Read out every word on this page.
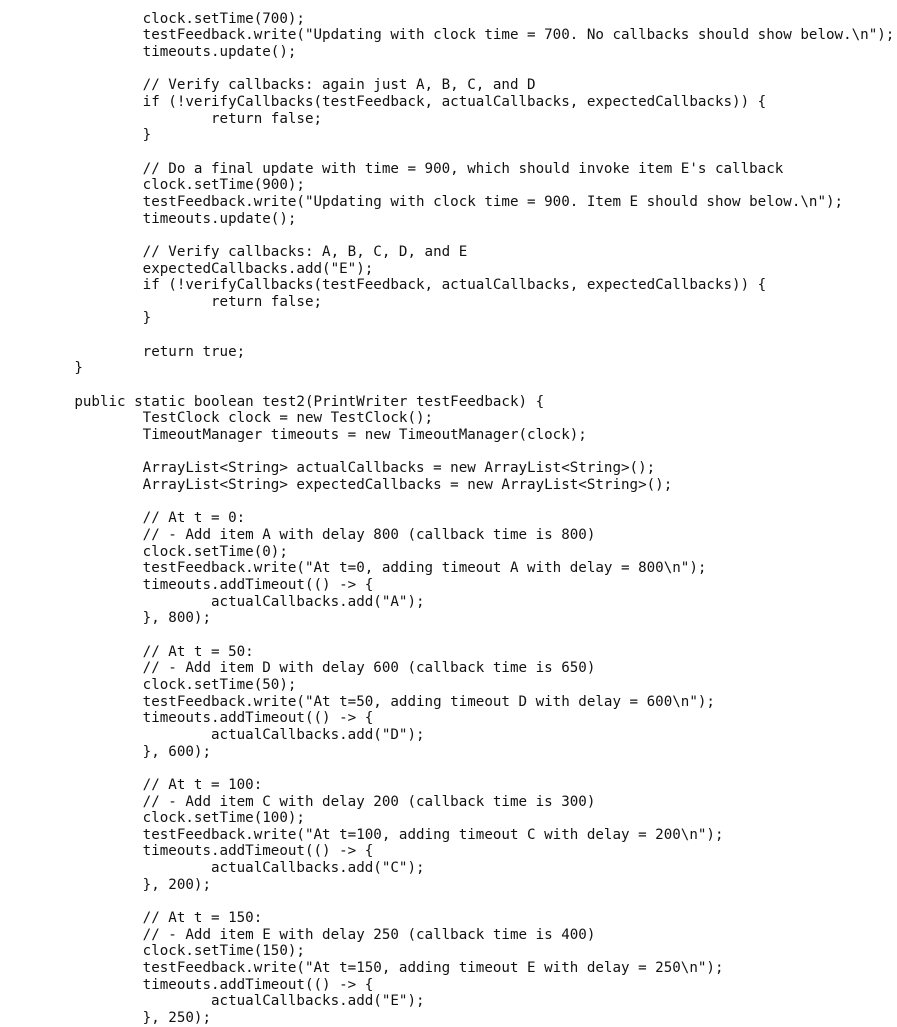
clock.setTime(700);
testFeedback.write("Updating with clock time = 700. No callbacks should show below.\n");
timeouts.update();
// Verify callbacks: again just A, B, C, and D
if (!verifyCallbacks(testFeedback, actualCallbacks, expectedCallbacks)) {
return false;
}
// Do a final update with time = 900, which should invoke item E's callback
clock.setTime(900);
testFeedback.write("Updating with clock time = 900. Item E should show below.\n");
timeouts.update();
// Verify callbacks: A, B, C, D, and E
expectedCallbacks.add("E");
if (!verifyCallbacks(testFeedback, actualCallbacks, expectedCallbacks)) {
return false;
}
return true;
}
public static boolean test2(PrintWriter testFeedback) {
TestClock clock = new TestClock();
TimeoutManager timeouts = new TimeoutManager(clock);
ArrayList<String> actualCallbacks = new ArrayList<String>();
ArrayList<String> expectedCallbacks = new ArrayList<String>();
// At t = 0:
// - Add item A with delay 800 (callback time is 800)
clock.setTime(0);
testFeedback.write("At t=0, adding timeout A with delay = 800\n");
timeouts.addTimeout(() -> {
actualCallbacks.add("A");
}, 800);
// At t = 50:
// - Add item D with delay 600 (callback time is 650)
clock.setTime(50);
testFeedback.write("At t=50, adding timeout D with delay = 600\n");
timeouts.addTimeout(() -> {
actualCallbacks.add("D");
}, 600);
// At t = 100:
// - Add item C with delay 200 (callback time is 300)
clock.setTime(100);
testFeedback.write("At t=100, adding timeout C with delay = 200\n");
timeouts.addTimeout(() -> {
actualCallbacks.add("C");
}, 200);
// At t = 150:
// - Add item E with delay 250 (callback time is 400)
clock.setTime(150);
testFeedback.write("At t=150, adding timeout E with delay = 250\n");
timeouts.addTimeout(() -> {
actualCallbacks.add("E");
}, 250);
